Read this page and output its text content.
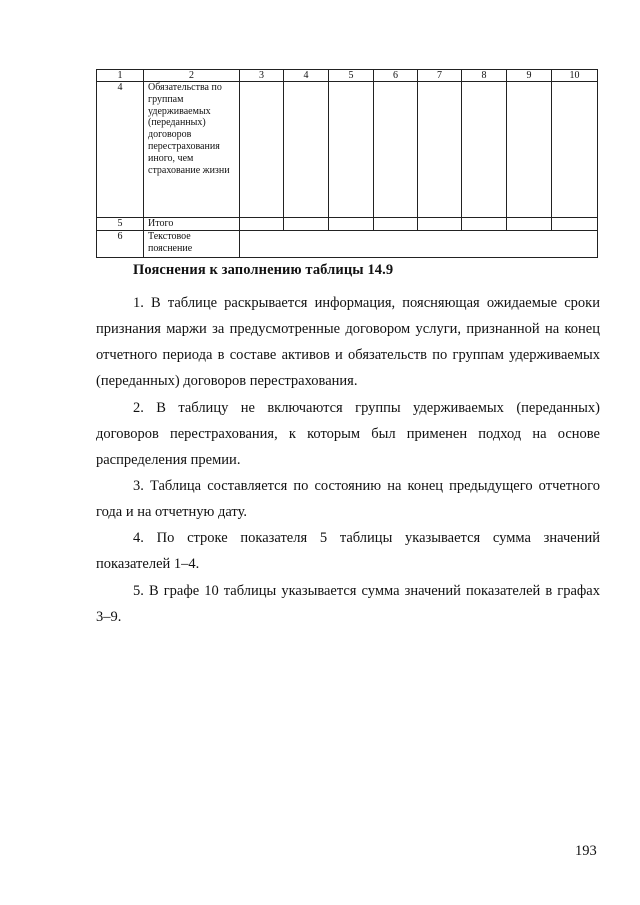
1	2	3	4	5	6	7	8	9	10
4	Обязательства по группам удерживаемых (переданных) договоров перестрахования иного, чем страхование жизни								
5	Итого								
6	Текстовое пояснение								
Пояснения к заполнению таблицы 14.9

1. В таблице раскрывается информация, поясняющая ожидаемые сроки признания маржи за предусмотренные договором услуги, признанной на конец отчетного периода в составе активов и обязательств по группам удерживаемых (переданных) договоров перестрахования.

2. В таблицу не включаются группы удерживаемых (переданных) договоров перестрахования, к которым был применен подход на основе распределения премии.

3. Таблица составляется по состоянию на конец предыдущего отчетного года и на отчетную дату.

4. По строке показателя 5 таблицы указывается сумма значений показателей 1–4.

5. В графе 10 таблицы указывается сумма значений показателей в графах 3–9.

193
